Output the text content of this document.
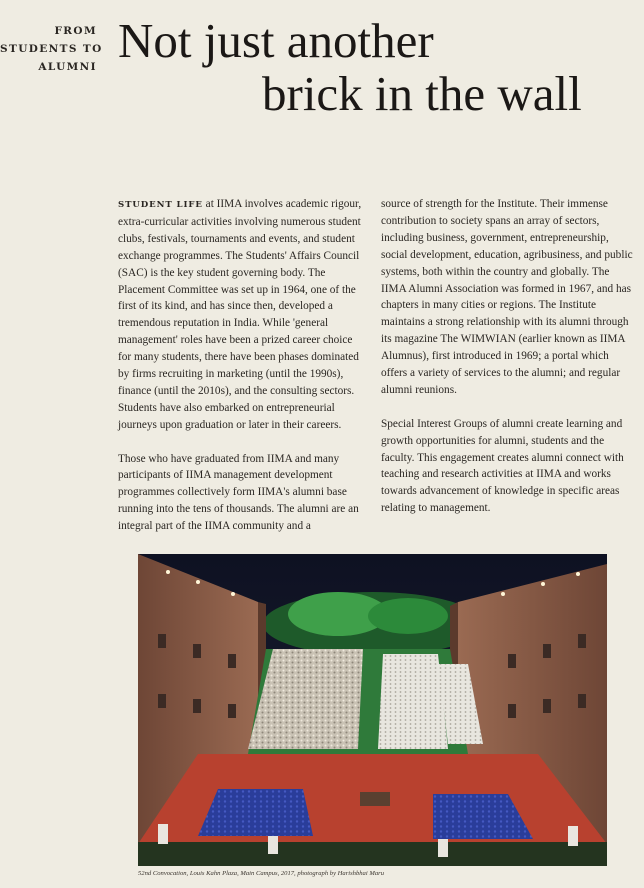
FROM
STUDENTS TO
ALUMNI Not just another
brick in the wall

STUDENT LIFE at IIMA involves academic rigour, extra-curricular activities involving numerous student clubs, festivals, tournaments and events, and student exchange programmes. The Students' Affairs Council (SAC) is the key student governing body. The Placement Committee was set up in 1964, one of the first of its kind, and has since then, developed a tremendous reputation in India. While 'general management' roles have been a prized career choice for many students, there have been phases dominated by firms recruiting in marketing (until the 1990s), finance (until the 2010s), and the consulting sectors. Students have also embarked on entrepreneurial journeys upon graduation or later in their careers.

Those who have graduated from IIMA and many participants of IIMA management development programmes collectively form IIMA's alumni base running into the tens of thousands. The alumni are an integral part of the IIMA community and a

source of strength for the Institute. Their immense contribution to society spans an array of sectors, including business, government, entrepreneurship, social development, education, agribusiness, and public systems, both within the country and globally. The IIMA Alumni Association was formed in 1967, and has chapters in many cities or regions. The Institute maintains a strong relationship with its alumni through its magazine The WIMWIAN (earlier known as IIMA Alumnus), first introduced in 1969; a portal which offers a variety of services to the alumni; and regular alumni reunions.

Special Interest Groups of alumni create learning and growth opportunities for alumni, students and the faculty. This engagement creates alumni connect with teaching and research activities at IIMA and works towards advancement of knowledge in specific areas relating to management.

52nd Convocation, Louis Kahn Plaza, Main Campus, 2017, photograph by Harishbhai Maru
